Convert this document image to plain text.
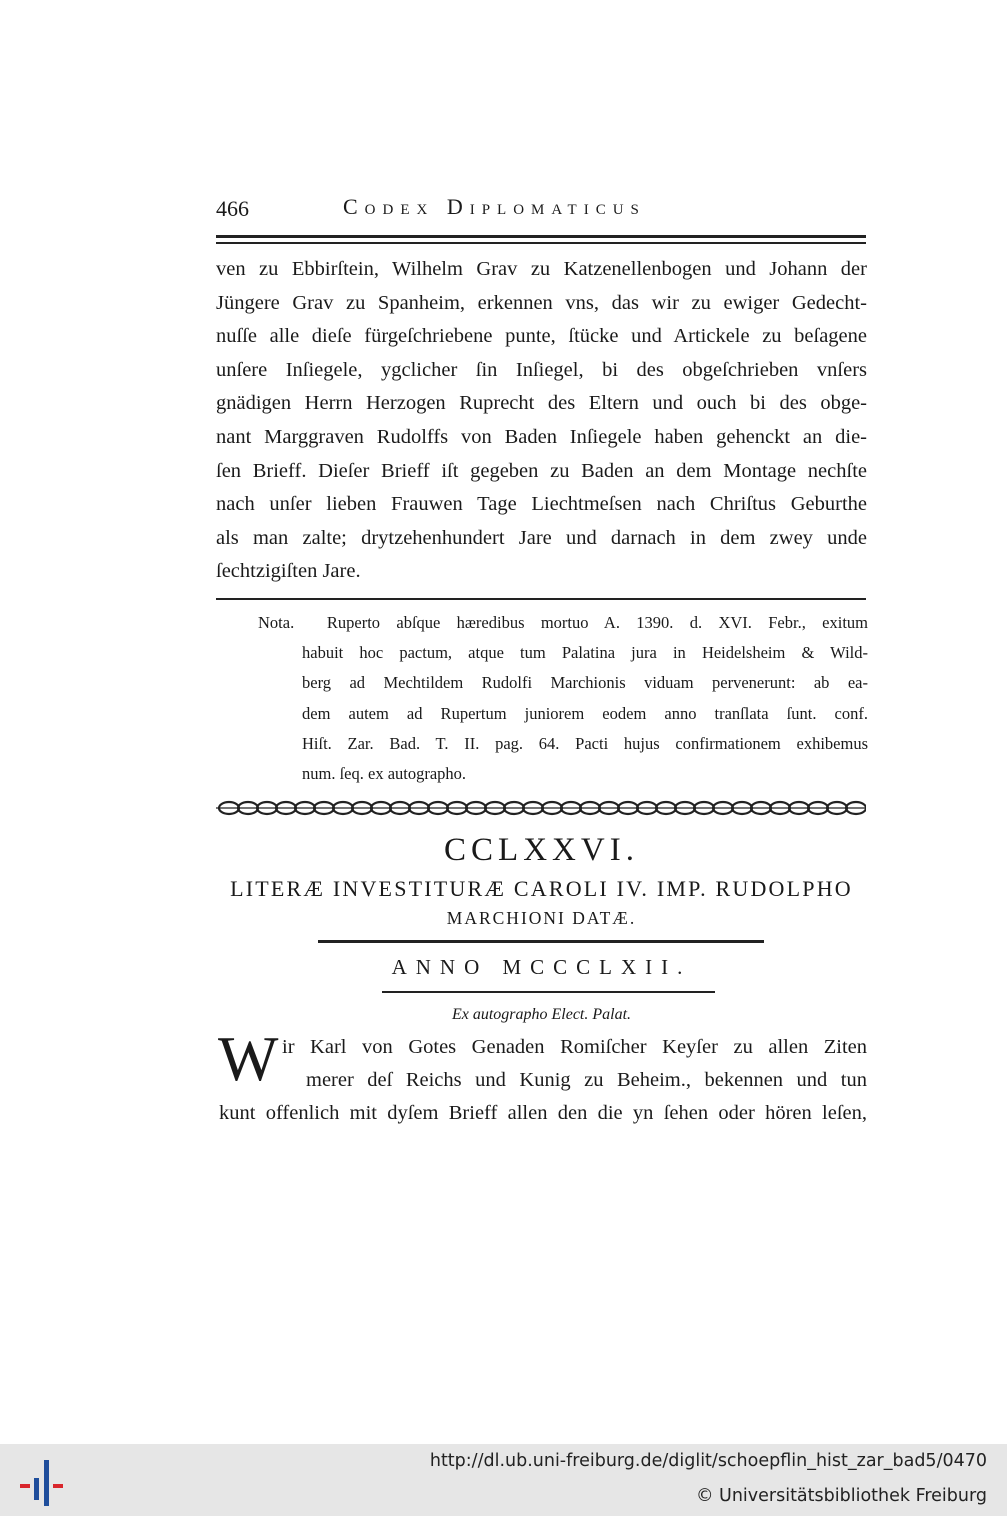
466	Codex Diplomaticus
ven zu Ebbirſtein, Wilhelm Grav zu Katzenellenbogen und Johann der
Jüngere Grav zu Spanheim, erkennen vns, das wir zu ewiger Gedecht-
nuſſe alle dieſe fürgeſchriebene punte, ſtücke und Artickele zu beſagene
unſere Inſiegele, ygclicher ſin Inſiegel, bi des obgeſchrieben vnſers
gnädigen Herrn Herzogen Ruprecht des Eltern und ouch bi des obge-
nant Marggraven Rudolffs von Baden Inſiegele haben gehenckt an die-
ſen Brieff. Dieſer Brieff iſt gegeben zu Baden an dem Montage nechſte
nach unſer lieben Frauwen Tage Liechtmeſsen nach Chriſtus Geburthe
als man zalte; drytzehenhundert Jare und darnach in dem zwey unde
ſechtzigiſten Jare.
Nota. Ruperto abſque hæredibus mortuo A. 1390. d. XVI. Febr., exitum
habuit hoc pactum, atque tum Palatina jura in Heidelsheim & Wild-
berg ad Mechtildem Rudolfi Marchionis viduam pervenerunt: ab ea-
dem autem ad Rupertum juniorem eodem anno tranſlata ſunt. conf.
Hiſt. Zar. Bad. T. II. pag. 64. Pacti hujus confirmationem exhibemus
num. ſeq. ex autographo.
CCLXXVI.
LITERÆ INVESTITURÆ CAROLI IV. IMP. RUDOLPHO
MARCHIONI DATÆ.
ANNO MCCCLXII.
Ex autographo Elect. Palat.
W ir Karl von Gotes Genaden Romiſcher Keyſer zu allen Ziten
merer deſ Reichs und Kunig zu Beheim., bekennen und tun
kunt offenlich mit dyſem Brieff allen den die yn ſehen oder hören leſen,
http://dl.ub.uni-freiburg.de/diglit/schoepflin_hist_zar_bad5/0470
© Universitätsbibliothek Freiburg
